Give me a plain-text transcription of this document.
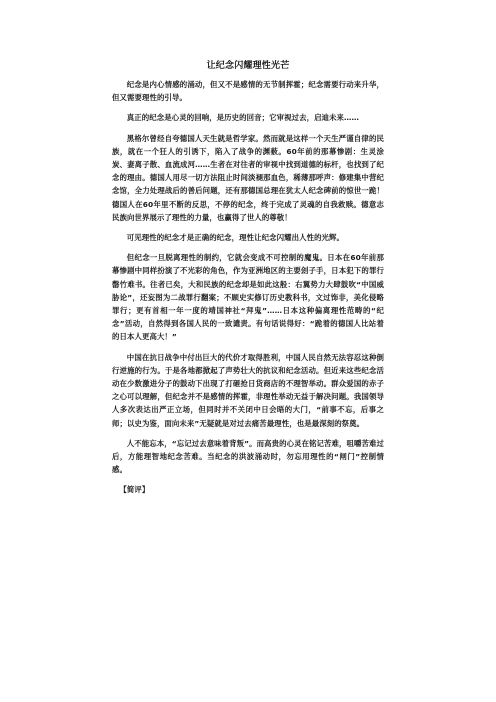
让纪念闪耀理性光芒

纪念是内心情感的涌动，但又不是感情的无节制挥霍；纪念需要行动来升华，但又需要理性的引导。

真正的纪念是心灵的回响，是历史的回音；它审视过去，启迪未来……

黑格尔曾经自夸德国人天生就是哲学家。然而就是这样一个天生严谨自律的民族，就在一个狂人的引诱下，陷入了战争的渊薮。60年前的那幕惨剧：生灵涂炭、妻离子散、血流成河……生者在对往者的审视中找到道德的标杆，也找到了纪念的理由。德国人用尽一切方法阻止时间淡褪那血色，稀薄那呼声：修建集中营纪念馆，全力处理战后的善后问题，还有那德国总理在犹太人纪念碑前的惊世一跪！德国人在60年里不断的反思，不停的纪念，终于完成了灵魂的自我救赎。德意志民族向世界展示了理性的力量，也赢得了世人的尊敬！

可见理性的纪念才是正确的纪念，理性让纪念闪耀出人性的光辉。

但纪念一旦脱离理性的制约，它就会变成不可控制的魔鬼。日本在60年前那幕惨剧中同样扮演了不光彩的角色，作为亚洲地区的主要刽子手，日本犯下的罪行罄竹难书。往者已矣，大和民族的纪念却是如此这般：右翼势力大肆鼓吹“中国威胁论”，还妄图为二战罪行翻案；不顾史实修订历史教科书，文过饰非，美化侵略罪行；更有首相一年一度的靖国神社“拜鬼”……日本这种偏离理性范畴的“纪念”活动，自然得到各国人民的一致谴责。有句话说得好：“跪着的德国人比站着的日本人更高大！”

中国在抗日战争中付出巨大的代价才取得胜利，中国人民自然无法容忍这种倒行逆施的行为。于是各地都掀起了声势壮大的抗议和纪念活动。但近来这些纪念活动在少数激进分子的鼓动下出现了打砸抢日货商店的不理智举动。群众爱国的赤子之心可以理解，但纪念并不是感情的挥霍，非理性举动无益于解决问题。我国领导人多次表达出严正立场，但同时并不关闭中日会晤的大门，“前事不忘，后事之师；以史为鉴，面向未来”无疑就是对过去痛苦最理性，也是最深刻的祭奠。

人不能忘本，“忘记过去意味着背叛”。而高贵的心灵在铭记苦难，咀嚼苦难过后，方能理智地纪念苦难。当纪念的洪波涌动时，勿忘用理性的“闸门”控制情感。

【简评】
